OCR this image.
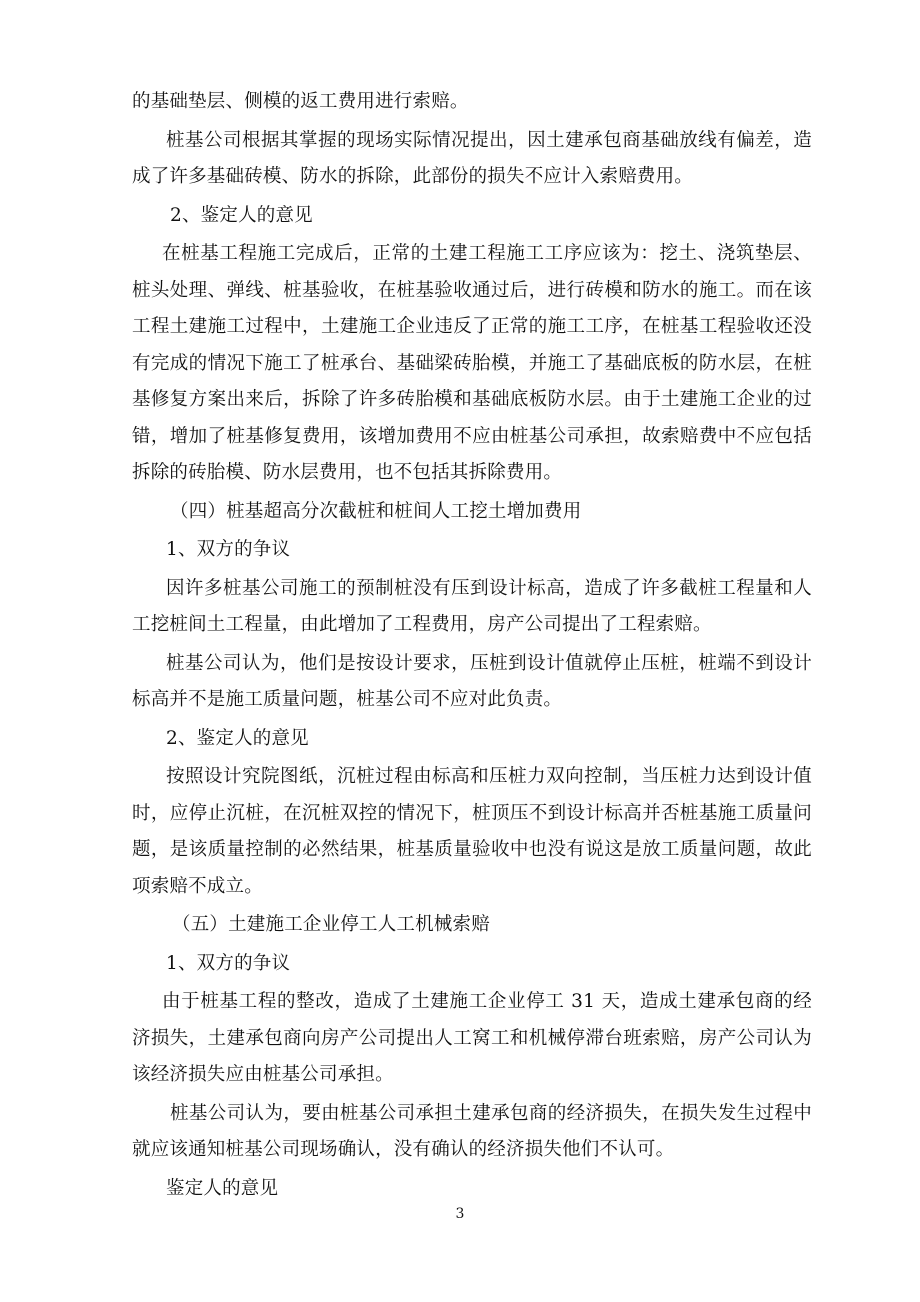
的基础垫层、侧模的返工费用进行索赔。

桩基公司根据其掌握的现场实际情况提出，因土建承包商基础放线有偏差，造成了许多基础砖模、防水的拆除，此部份的损失不应计入索赔费用。

2、鉴定人的意见

在桩基工程施工完成后，正常的土建工程施工工序应该为：挖土、浇筑垫层、桩头处理、弹线、桩基验收，在桩基验收通过后，进行砖模和防水的施工。而在该工程土建施工过程中，土建施工企业违反了正常的施工工序，在桩基工程验收还没有完成的情况下施工了桩承台、基础梁砖胎模，并施工了基础底板的防水层，在桩基修复方案出来后，拆除了许多砖胎模和基础底板防水层。由于土建施工企业的过错，增加了桩基修复费用，该增加费用不应由桩基公司承担，故索赔费中不应包括拆除的砖胎模、防水层费用，也不包括其拆除费用。

（四）桩基超高分次截桩和桩间人工挖土增加费用

1、双方的争议

因许多桩基公司施工的预制桩没有压到设计标高，造成了许多截桩工程量和人工挖桩间土工程量，由此增加了工程费用，房产公司提出了工程索赔。

桩基公司认为，他们是按设计要求，压桩到设计值就停止压桩，桩端不到设计标高并不是施工质量问题，桩基公司不应对此负责。

2、鉴定人的意见

按照设计究院图纸，沉桩过程由标高和压桩力双向控制，当压桩力达到设计值时，应停止沉桩，在沉桩双控的情况下，桩顶压不到设计标高并否桩基施工质量问题，是该质量控制的必然结果，桩基质量验收中也没有说这是放工质量问题，故此项索赔不成立。

（五）土建施工企业停工人工机械索赔

1、双方的争议

由于桩基工程的整改，造成了土建施工企业停工 31 天，造成土建承包商的经济损失，土建承包商向房产公司提出人工窝工和机械停滞台班索赔，房产公司认为该经济损失应由桩基公司承担。

桩基公司认为，要由桩基公司承担土建承包商的经济损失，在损失发生过程中就应该通知桩基公司现场确认，没有确认的经济损失他们不认可。

鉴定人的意见

3
